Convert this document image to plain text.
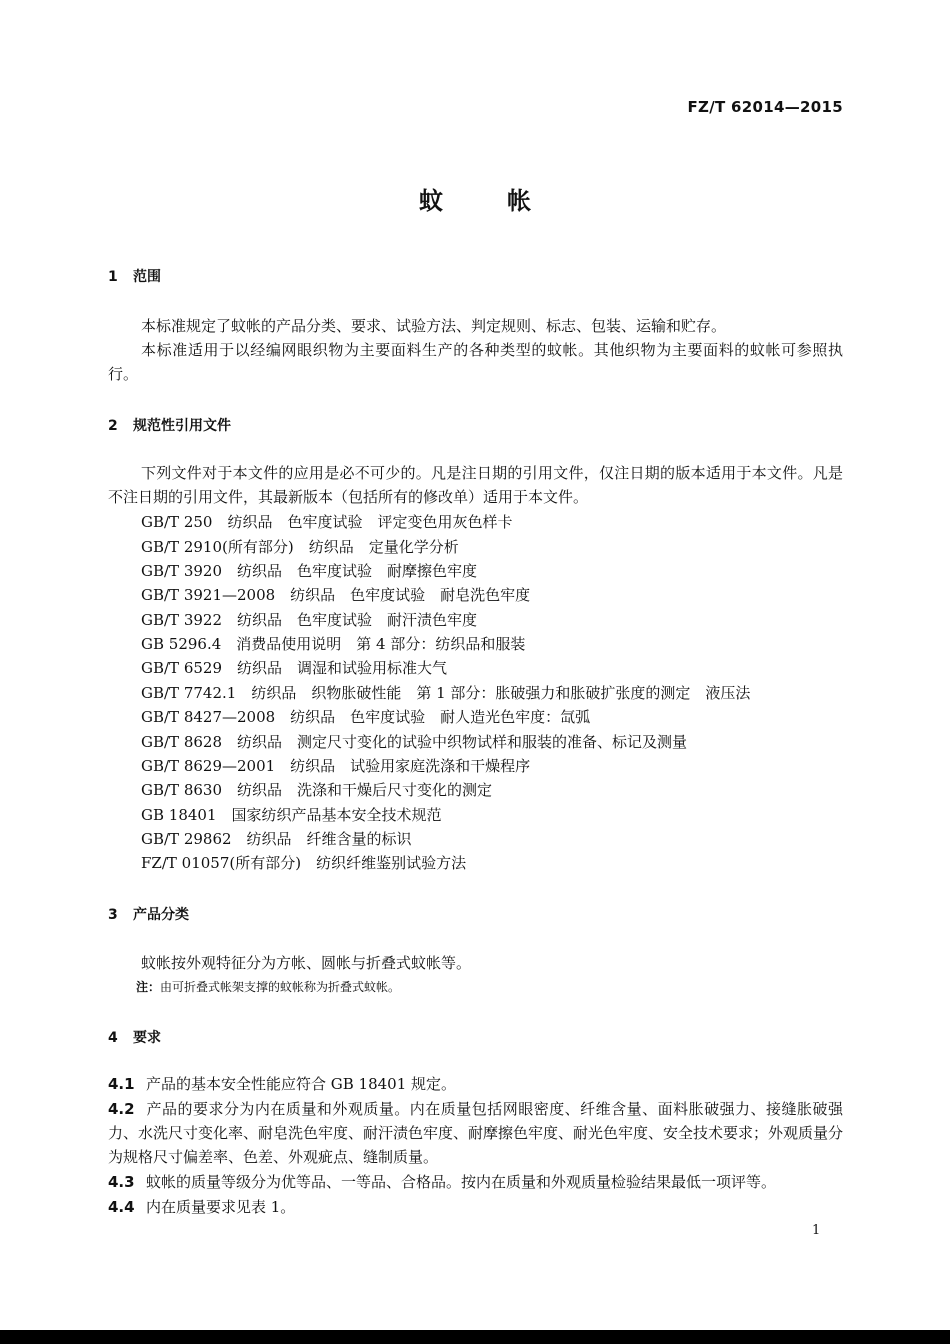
FZ/T 62014—2015
蚊帐
1 范围
本标准规定了蚊帐的产品分类、要求、试验方法、判定规则、标志、包装、运输和贮存。
本标准适用于以经编网眼织物为主要面料生产的各种类型的蚊帐。其他织物为主要面料的蚊帐可参照执行。
2 规范性引用文件
下列文件对于本文件的应用是必不可少的。凡是注日期的引用文件，仅注日期的版本适用于本文件。凡是不注日期的引用文件，其最新版本（包括所有的修改单）适用于本文件。
GB/T 250　纺织品　色牢度试验　评定变色用灰色样卡
GB/T 2910(所有部分)　纺织品　定量化学分析
GB/T 3920　纺织品　色牢度试验　耐摩擦色牢度
GB/T 3921—2008　纺织品　色牢度试验　耐皂洗色牢度
GB/T 3922　纺织品　色牢度试验　耐汗渍色牢度
GB 5296.4　消费品使用说明　第 4 部分：纺织品和服装
GB/T 6529　纺织品　调湿和试验用标准大气
GB/T 7742.1　纺织品　织物胀破性能　第 1 部分：胀破强力和胀破扩张度的测定　液压法
GB/T 8427—2008　纺织品　色牢度试验　耐人造光色牢度：氙弧
GB/T 8628　纺织品　测定尺寸变化的试验中织物试样和服装的准备、标记及测量
GB/T 8629—2001　纺织品　试验用家庭洗涤和干燥程序
GB/T 8630　纺织品　洗涤和干燥后尺寸变化的测定
GB 18401　国家纺织产品基本安全技术规范
GB/T 29862　纺织品　纤维含量的标识
FZ/T 01057(所有部分)　纺织纤维鉴别试验方法
3 产品分类
蚊帐按外观特征分为方帐、圆帐与折叠式蚊帐等。
注：由可折叠式帐架支撑的蚊帐称为折叠式蚊帐。
4 要求
4.1 产品的基本安全性能应符合 GB 18401 规定。
4.2 产品的要求分为内在质量和外观质量。内在质量包括网眼密度、纤维含量、面料胀破强力、接缝胀破强力、水洗尺寸变化率、耐皂洗色牢度、耐汗渍色牢度、耐摩擦色牢度、耐光色牢度、安全技术要求；外观质量分为规格尺寸偏差率、色差、外观疵点、缝制质量。
4.3 蚊帐的质量等级分为优等品、一等品、合格品。按内在质量和外观质量检验结果最低一项评等。
4.4 内在质量要求见表 1。
1
